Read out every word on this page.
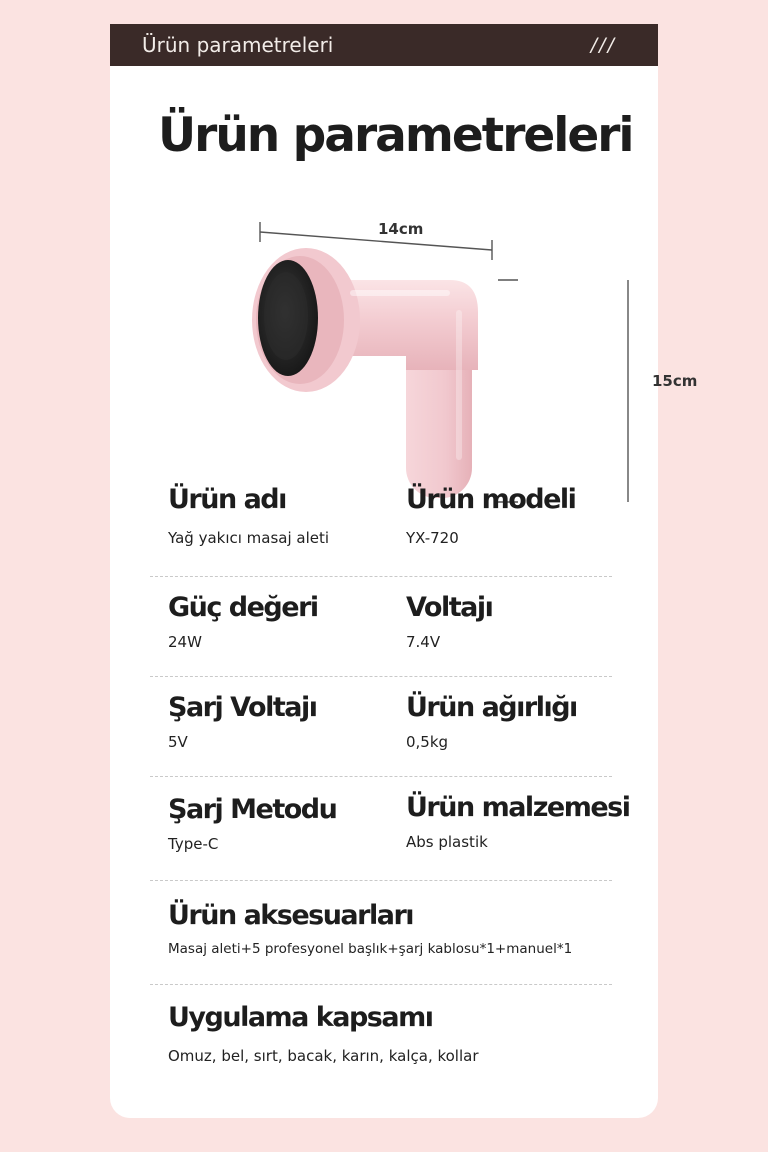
Ürün parametreleri	///
Ürün parametreleri
14cm
15cm
Ürün adı
Yağ yakıcı masaj aleti
Ürün modeli
YX-720
Güç değeri
24W
Voltajı
7.4V
Şarj Voltajı
5V
Ürün ağırlığı
0,5kg
Şarj Metodu
Type-C
Ürün malzemesi
Abs plastik
Ürün aksesuarları
Masaj aleti+5 profesyonel başlık+şarj kablosu*1+manuel*1
Uygulama kapsamı
Omuz, bel, sırt, bacak, karın, kalça, kollar
